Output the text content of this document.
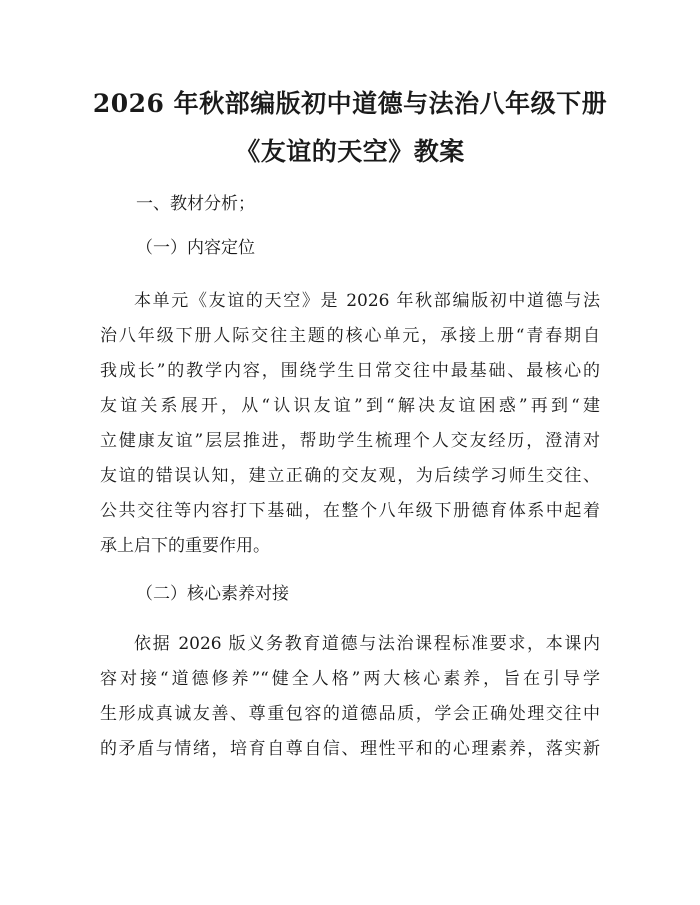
2026 年秋部编版初中道德与法治八年级下册
《友谊的天空》教案
一、教材分析；
（一）内容定位
本单元《友谊的天空》是 2026 年秋部编版初中道德与法
治八年级下册人际交往主题的核心单元，承接上册“青春期自
我成长”的教学内容，围绕学生日常交往中最基础、最核心的
友谊关系展开，从“认识友谊”到“解决友谊困惑”再到“建
立健康友谊”层层推进，帮助学生梳理个人交友经历，澄清对
友谊的错误认知，建立正确的交友观，为后续学习师生交往、
公共交往等内容打下基础，在整个八年级下册德育体系中起着
承上启下的重要作用。
（二）核心素养对接
依据 2026 版义务教育道德与法治课程标准要求，本课内
容对接“道德修养”“健全人格”两大核心素养，旨在引导学
生形成真诚友善、尊重包容的道德品质，学会正确处理交往中
的矛盾与情绪，培育自尊自信、理性平和的心理素养，落实新
